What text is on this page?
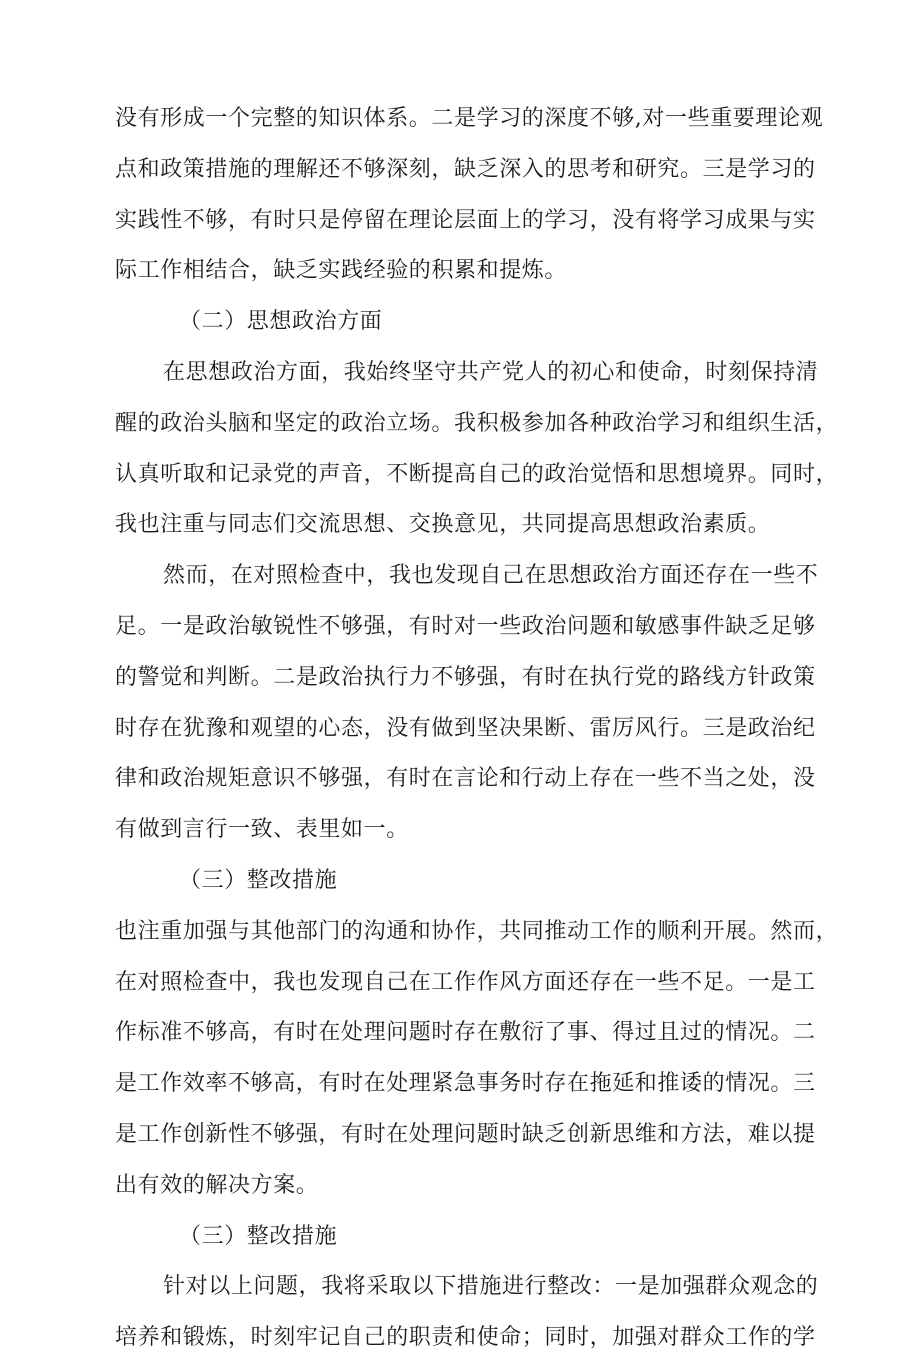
没有形成一个完整的知识体系。二是学习的深度不够,对一些重要理论观
点和政策措施的理解还不够深刻，缺乏深入的思考和研究。三是学习的
实践性不够，有时只是停留在理论层面上的学习，没有将学习成果与实
际工作相结合，缺乏实践经验的积累和提炼。
（二）思想政治方面
在思想政治方面，我始终坚守共产党人的初心和使命，时刻保持清
醒的政治头脑和坚定的政治立场。我积极参加各种政治学习和组织生活，
认真听取和记录党的声音，不断提高自己的政治觉悟和思想境界。同时，
我也注重与同志们交流思想、交换意见，共同提高思想政治素质。
然而，在对照检查中，我也发现自己在思想政治方面还存在一些不
足。一是政治敏锐性不够强，有时对一些政治问题和敏感事件缺乏足够
的警觉和判断。二是政治执行力不够强，有时在执行党的路线方针政策
时存在犹豫和观望的心态，没有做到坚决果断、雷厉风行。三是政治纪
律和政治规矩意识不够强，有时在言论和行动上存在一些不当之处，没
有做到言行一致、表里如一。
（三）整改措施
也注重加强与其他部门的沟通和协作，共同推动工作的顺利开展。然而，
在对照检查中，我也发现自己在工作作风方面还存在一些不足。一是工
作标准不够高，有时在处理问题时存在敷衍了事、得过且过的情况。二
是工作效率不够高，有时在处理紧急事务时存在拖延和推诿的情况。三
是工作创新性不够强，有时在处理问题时缺乏创新思维和方法，难以提
出有效的解决方案。
（三）整改措施
针对以上问题，我将采取以下措施进行整改：一是加强群众观念的
培养和锻炼，时刻牢记自己的职责和使命；同时，加强对群众工作的学
